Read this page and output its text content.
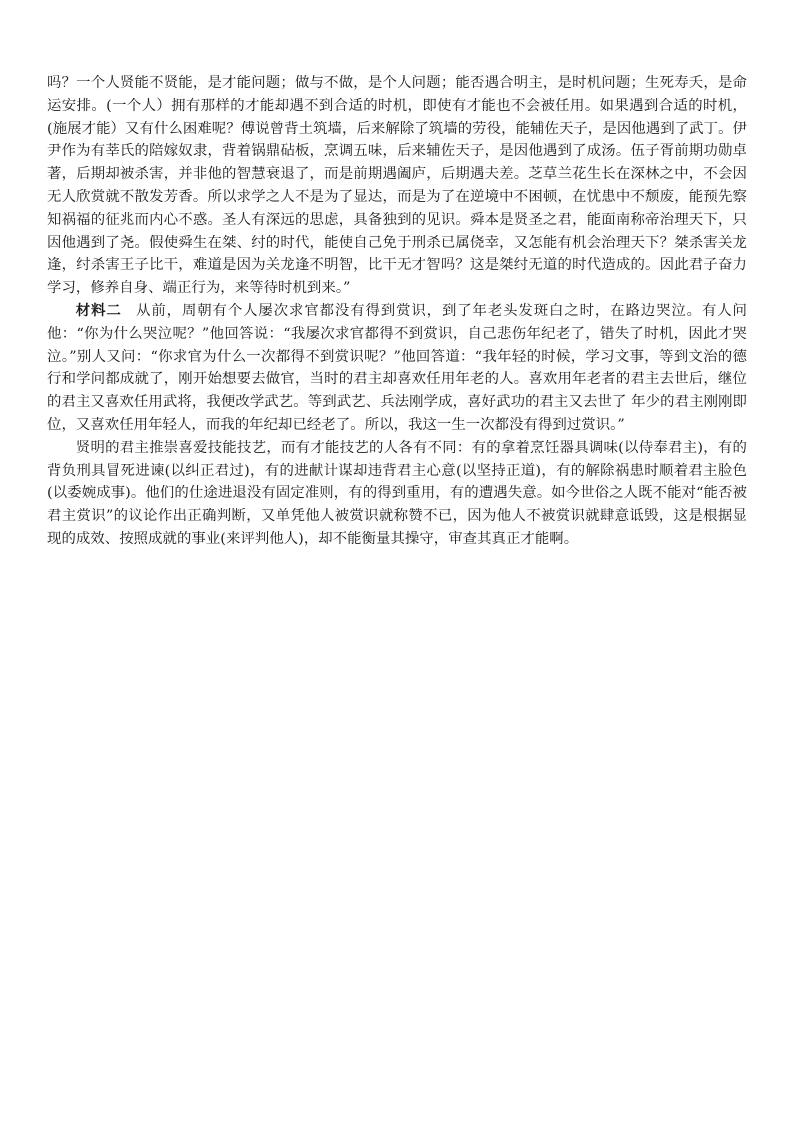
吗？一个人贤能不贤能，是才能问题；做与不做，是个人问题；能否遇合明主，是时机问题；生死寿夭，是命运安排。(一个人）拥有那样的才能却遇不到合适的时机，即使有才能也不会被任用。如果遇到合适的时机，(施展才能）又有什么困难呢？傅说曾背土筑墙，后来解除了筑墙的劳役，能辅佐天子，是因他遇到了武丁。伊尹作为有莘氏的陪嫁奴隶，背着锅鼎砧板，烹调五味，后来辅佐天子，是因他遇到了成汤。伍子胥前期功勋卓著，后期却被杀害，并非他的智慧衰退了，而是前期遇阖庐，后期遇夫差。芝草兰花生长在深林之中，不会因无人欣赏就不散发芳香。所以求学之人不是为了显达，而是为了在逆境中不困顿，在忧患中不颓废，能预先察知祸福的征兆而内心不惑。圣人有深远的思虑，具备独到的见识。舜本是贤圣之君，能面南称帝治理天下，只因他遇到了尧。假使舜生在桀、纣的时代，能使自己免于刑杀已属侥幸，又怎能有机会治理天下？桀杀害关龙逢，纣杀害王子比干，难道是因为关龙逢不明智，比干无才智吗？这是桀纣无道的时代造成的。因此君子奋力学习，修养自身、端正行为，来等待时机到来。”

材料二 从前，周朝有个人屡次求官都没有得到赏识，到了年老头发斑白之时，在路边哭泣。有人问他：“你为什么哭泣呢？”他回答说：“我屡次求官都得不到赏识，自己悲伤年纪老了，错失了时机，因此才哭泣。”别人又问：“你求官为什么一次都得不到赏识呢？”他回答道：“我年轻的时候，学习文事，等到文治的德行和学问都成就了，刚开始想要去做官，当时的君主却喜欢任用年老的人。喜欢用年老者的君主去世后，继位的君主又喜欢任用武将，我便改学武艺。等到武艺、兵法刚学成，喜好武功的君主又去世了 年少的君主刚刚即位，又喜欢任用年轻人，而我的年纪却已经老了。所以，我这一生一次都没有得到过赏识。”

贤明的君主推崇喜爱技能技艺，而有才能技艺的人各有不同：有的拿着烹饪器具调味(以侍奉君主)，有的背负刑具冒死进谏(以纠正君过)，有的进献计谋却违背君主心意(以坚持正道)，有的解除祸患时顺着君主脸色(以委婉成事)。他们的仕途进退没有固定准则，有的得到重用，有的遭遇失意。如今世俗之人既不能对“能否被君主赏识”的议论作出正确判断，又单凭他人被赏识就称赞不已，因为他人不被赏识就肆意诋毁，这是根据显现的成效、按照成就的事业(来评判他人)，却不能衡量其操守，审查其真正才能啊。
